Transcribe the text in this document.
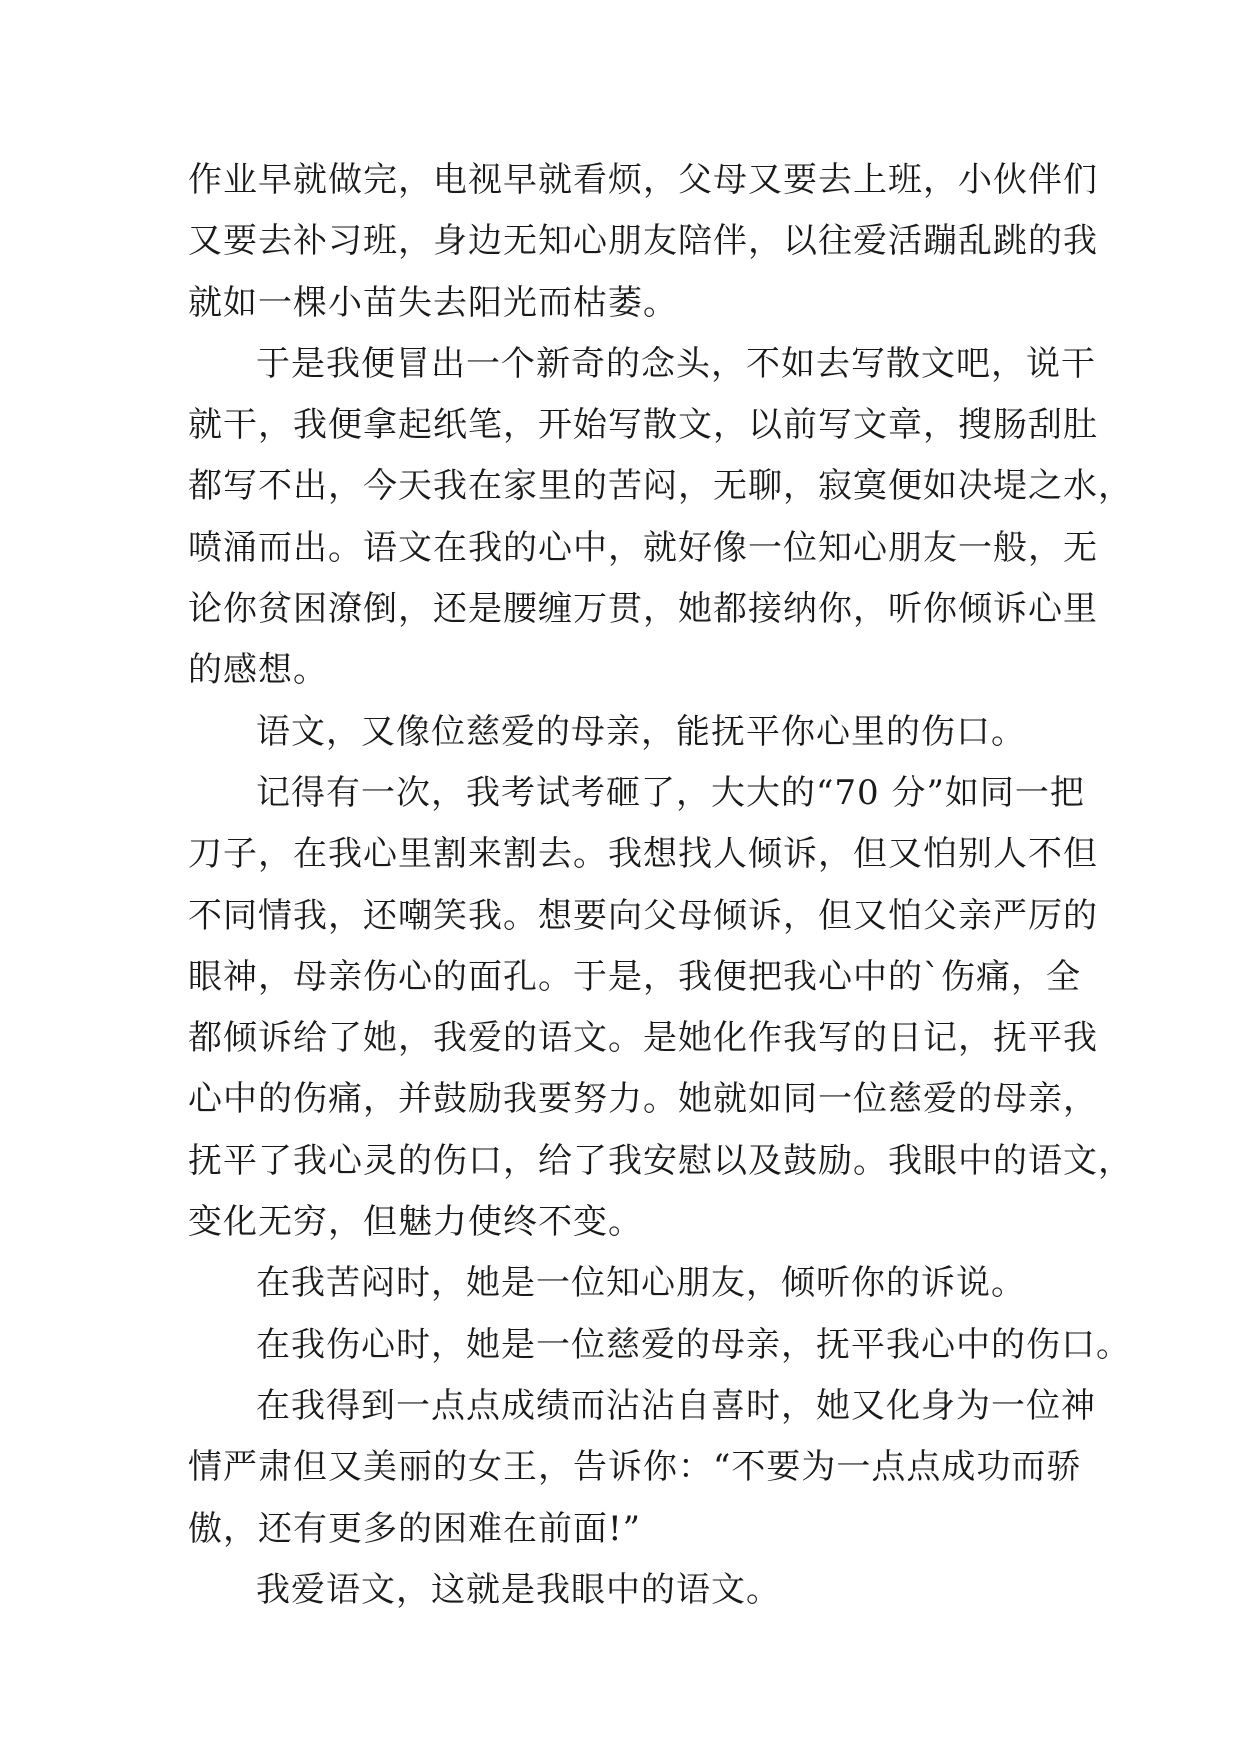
作业早就做完，电视早就看烦，父母又要去上班，小伙伴们
又要去补习班，身边无知心朋友陪伴，以往爱活蹦乱跳的我
就如一棵小苗失去阳光而枯萎。
于是我便冒出一个新奇的念头，不如去写散文吧，说干
就干，我便拿起纸笔，开始写散文，以前写文章，搜肠刮肚
都写不出，今天我在家里的苦闷，无聊，寂寞便如决堤之水，
喷涌而出。语文在我的心中，就好像一位知心朋友一般，无
论你贫困潦倒，还是腰缠万贯，她都接纳你，听你倾诉心里
的感想。
语文，又像位慈爱的母亲，能抚平你心里的伤口。
记得有一次，我考试考砸了，大大的“70 分”如同一把
刀子，在我心里割来割去。我想找人倾诉，但又怕别人不但
不同情我，还嘲笑我。想要向父母倾诉，但又怕父亲严厉的
眼神，母亲伤心的面孔。于是，我便把我心中的`伤痛，全
都倾诉给了她，我爱的语文。是她化作我写的日记，抚平我
心中的伤痛，并鼓励我要努力。她就如同一位慈爱的母亲，
抚平了我心灵的伤口，给了我安慰以及鼓励。我眼中的语文，
变化无穷，但魅力使终不变。
在我苦闷时，她是一位知心朋友，倾听你的诉说。
在我伤心时，她是一位慈爱的母亲，抚平我心中的伤口。
在我得到一点点成绩而沾沾自喜时，她又化身为一位神
情严肃但又美丽的女王，告诉你：“不要为一点点成功而骄
傲，还有更多的困难在前面!”
我爱语文，这就是我眼中的语文。
